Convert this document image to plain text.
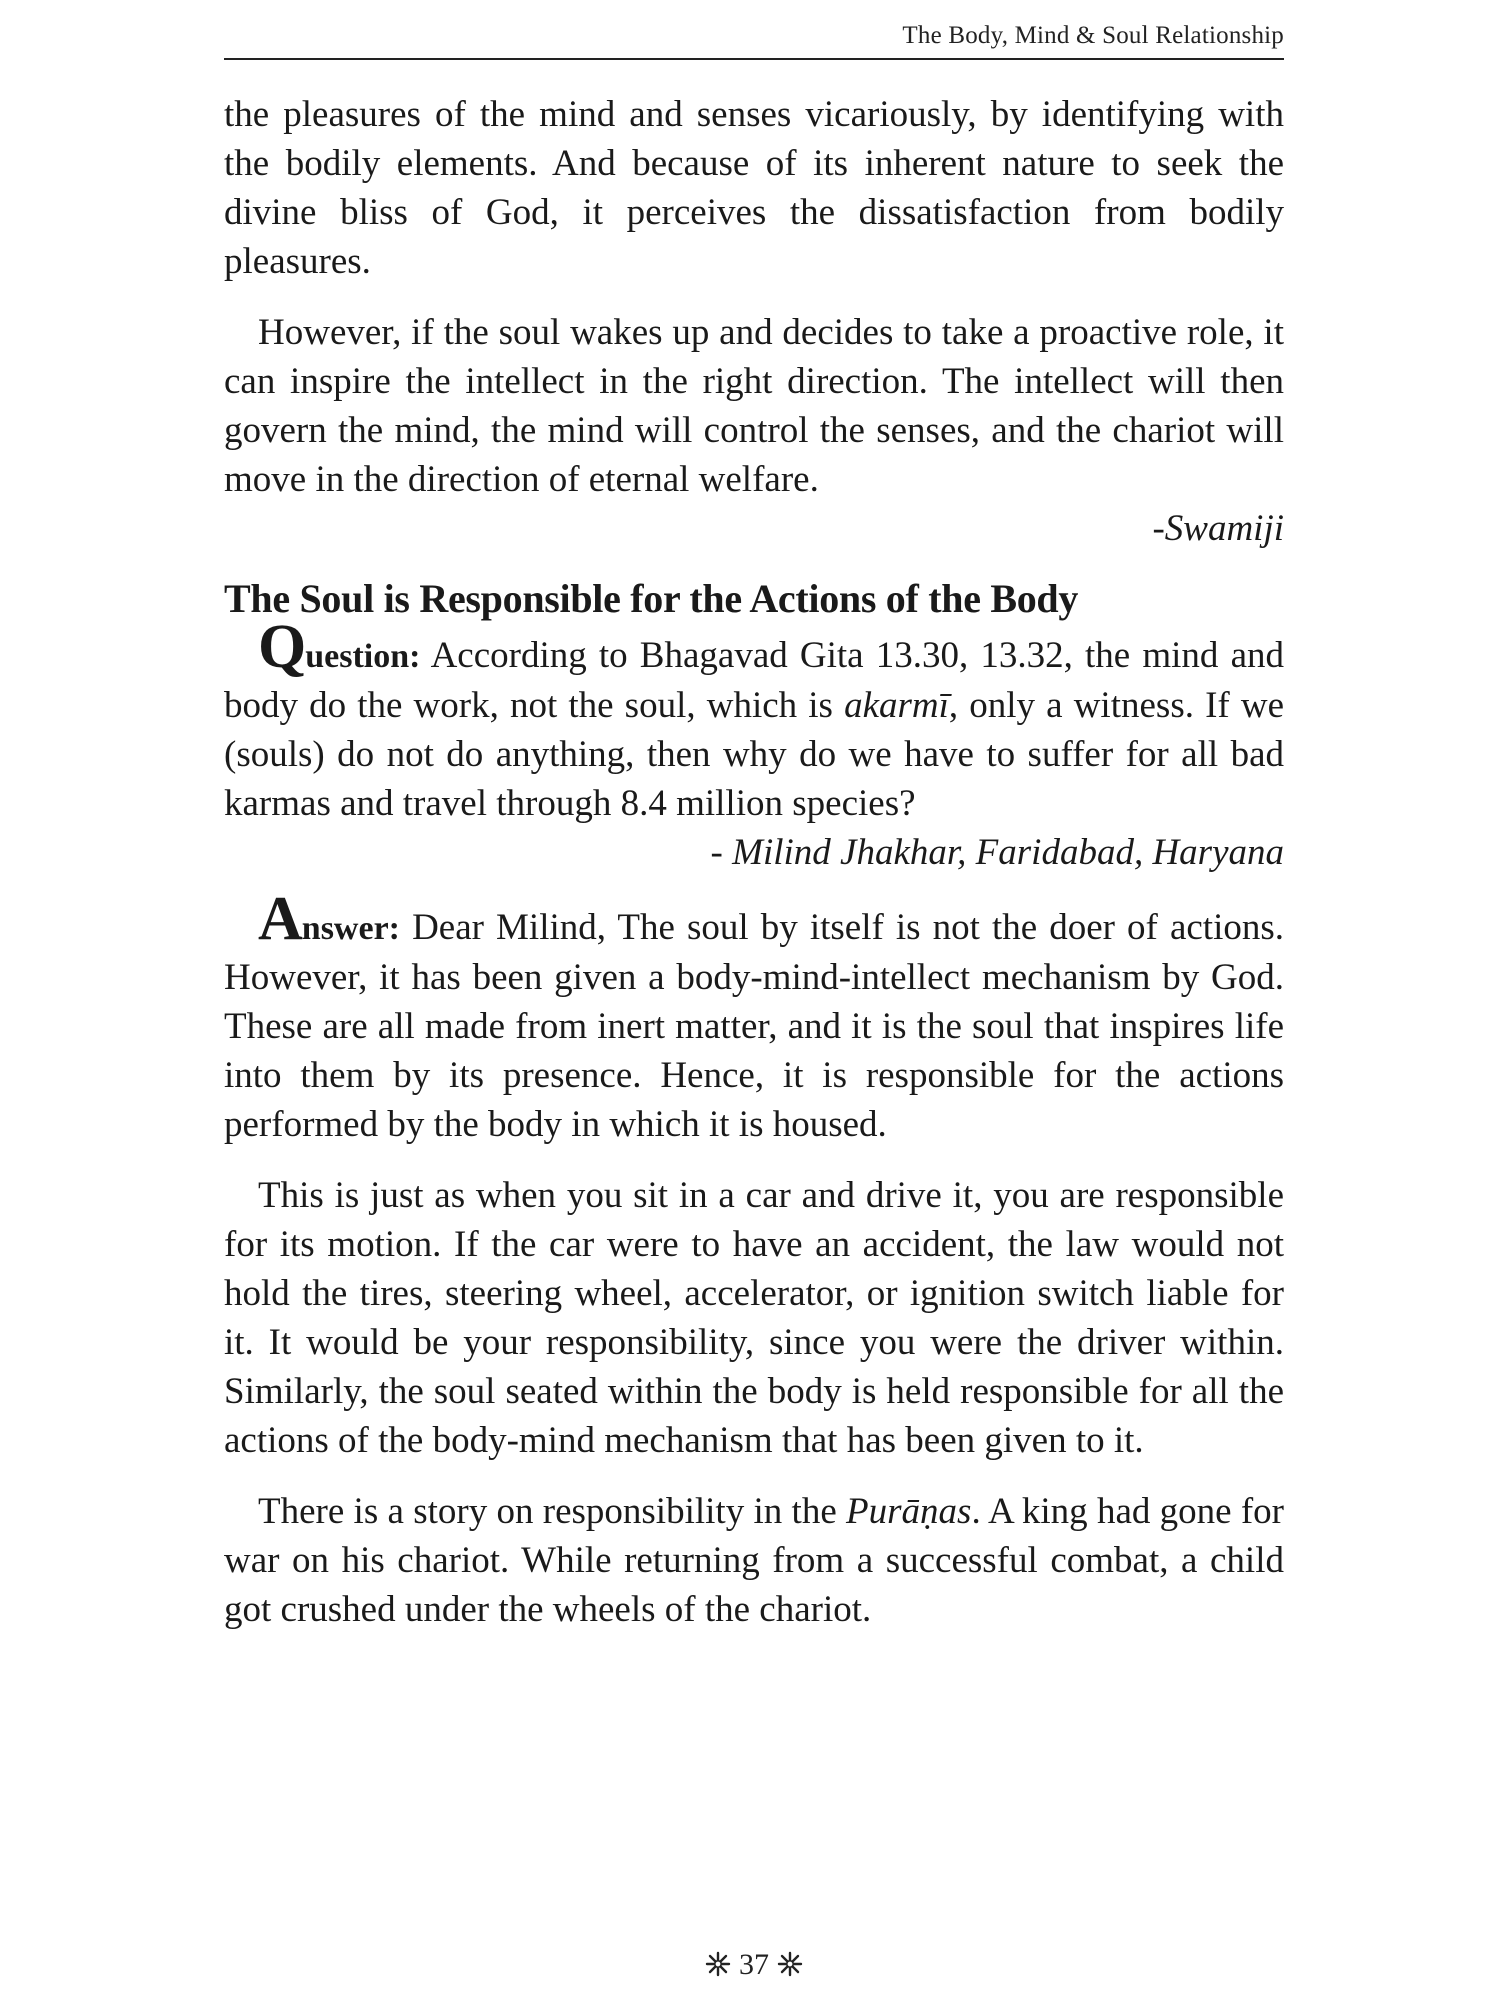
The Body, Mind & Soul Relationship

the pleasures of the mind and senses vicariously, by identifying with the bodily elements. And because of its inherent nature to seek the divine bliss of God, it perceives the dissatisfaction from bodily pleasures.

However, if the soul wakes up and decides to take a proactive role, it can inspire the intellect in the right direction. The intellect will then govern the mind, the mind will control the senses, and the chariot will move in the direction of eternal welfare.

-Swamiji

The Soul is Responsible for the Actions of the Body

Question: According to Bhagavad Gita 13.30, 13.32, the mind and body do the work, not the soul, which is akarmī, only a witness. If we (souls) do not do anything, then why do we have to suffer for all bad karmas and travel through 8.4 million species?

- Milind Jhakhar, Faridabad, Haryana

Answer: Dear Milind, The soul by itself is not the doer of actions. However, it has been given a body-mind-intellect mechanism by God. These are all made from inert matter, and it is the soul that inspires life into them by its presence. Hence, it is responsible for the actions performed by the body in which it is housed.

This is just as when you sit in a car and drive it, you are responsible for its motion. If the car were to have an accident, the law would not hold the tires, steering wheel, accelerator, or ignition switch liable for it. It would be your responsibility, since you were the driver within. Similarly, the soul seated within the body is held responsible for all the actions of the body-mind mechanism that has been given to it.

There is a story on responsibility in the Purāṇas. A king had gone for war on his chariot. While returning from a successful combat, a child got crushed under the wheels of the chariot.

37
